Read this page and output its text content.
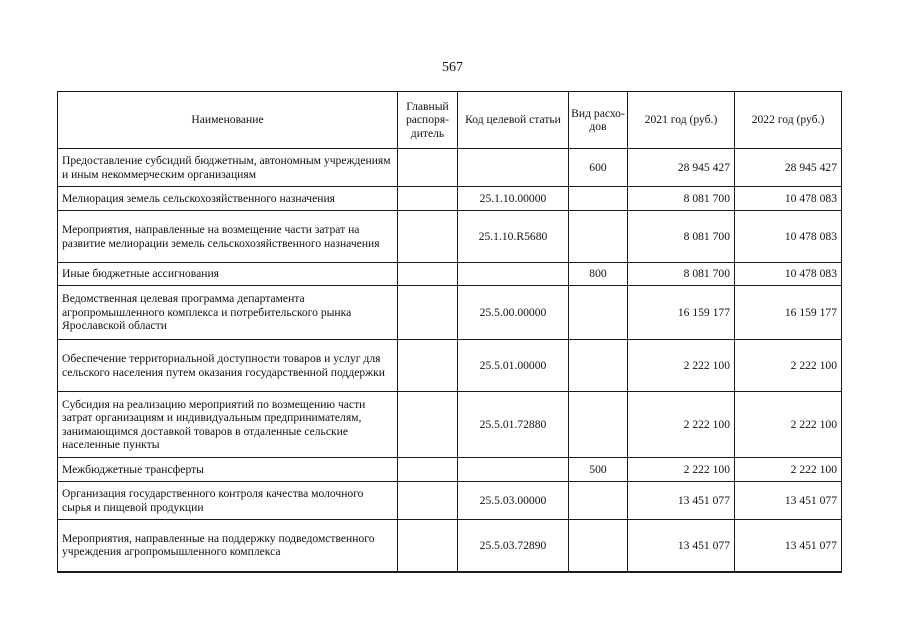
567
Наименование	Главный распоря-дитель	Код целевой статьи	Вид расхо-дов	2021 год (руб.)	2022 год (руб.)
Предоставление субсидий бюджетным, автономным учреждениям и иным некоммерческим организациям			600	28 945 427	28 945 427
Мелиорация земель сельскохозяйственного назначения		25.1.10.00000		8 081 700	10 478 083
Мероприятия, направленные на возмещение части затрат на развитие мелиорации земель сельскохозяйственного назначения		25.1.10.R5680		8 081 700	10 478 083
Иные бюджетные ассигнования			800	8 081 700	10 478 083
Ведомственная целевая программа департамента агропромышленного комплекса и потребительского рынка Ярославской области		25.5.00.00000		16 159 177	16 159 177
Обеспечение территориальной доступности товаров и услуг для сельского населения путем оказания государственной поддержки		25.5.01.00000		2 222 100	2 222 100
Субсидия на реализацию мероприятий по возмещению части затрат организациям и индивидуальным предпринимателям, занимающимся доставкой товаров в отдаленные сельские населенные пункты		25.5.01.72880		2 222 100	2 222 100
Межбюджетные трансферты			500	2 222 100	2 222 100
Организация государственного контроля качества молочного сырья и пищевой продукции		25.5.03.00000		13 451 077	13 451 077
Мероприятия, направленные на поддержку подведомственного учреждения агропромышленного комплекса		25.5.03.72890		13 451 077	13 451 077
